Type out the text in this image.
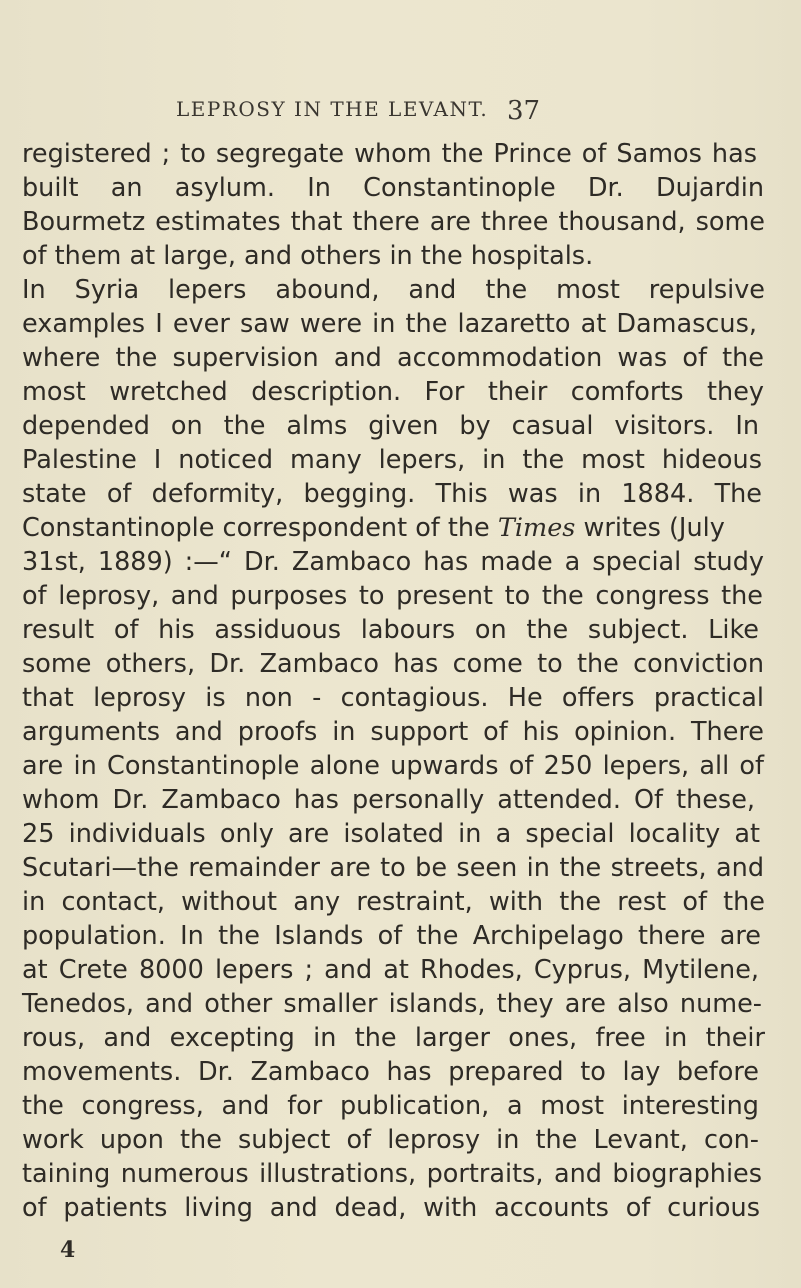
LEPROSY IN THE LEVANT. 37
registered ; to segregate whom the Prince of Samos has
built an asylum. In Constantinople Dr. Dujardin
Bourmetz estimates that there are three thousand, some
of them at large, and others in the hospitals.
In Syria lepers abound, and the most repulsive
examples I ever saw were in the lazaretto at Damascus,
where the supervision and accommodation was of the
most wretched description. For their comforts they
depended on the alms given by casual visitors. In
Palestine I noticed many lepers, in the most hideous
state of deformity, begging. This was in 1884. The
Constantinople correspondent of the Times writes (July
31st, 1889) :—“ Dr. Zambaco has made a special study
of leprosy, and purposes to present to the congress the
result of his assiduous labours on the subject. Like
some others, Dr. Zambaco has come to the conviction
that leprosy is non - contagious. He offers practical
arguments and proofs in support of his opinion. There
are in Constantinople alone upwards of 250 lepers, all of
whom Dr. Zambaco has personally attended. Of these,
25 individuals only are isolated in a special locality at
Scutari—the remainder are to be seen in the streets, and
in contact, without any restraint, with the rest of the
population. In the Islands of the Archipelago there are
at Crete 8000 lepers ; and at Rhodes, Cyprus, Mytilene,
Tenedos, and other smaller islands, they are also nume-
rous, and excepting in the larger ones, free in their
movements. Dr. Zambaco has prepared to lay before
the congress, and for publication, a most interesting
work upon the subject of leprosy in the Levant, con-
taining numerous illustrations, portraits, and biographies
of patients living and dead, with accounts of curious
4
